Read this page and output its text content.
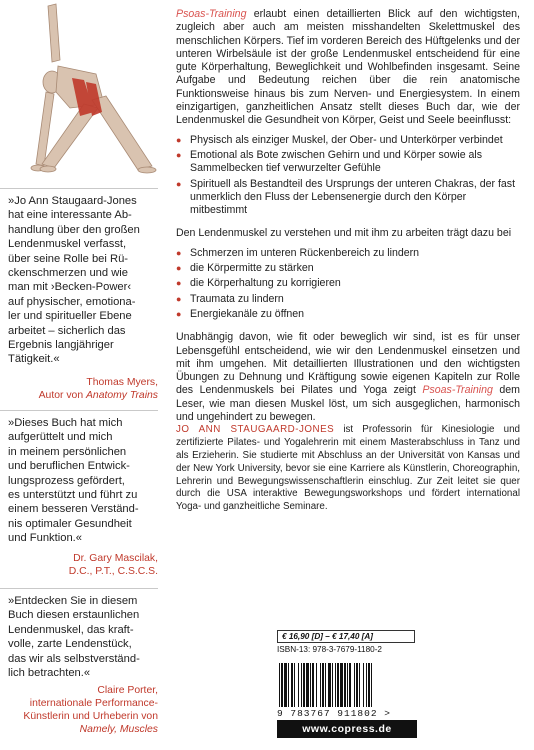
»Jo Ann Staugaard-Jones
hat eine interessante Ab-
handlung über den großen
Lendenmuskel verfasst,
über seine Rolle bei Rü-
ckenschmerzen und wie
man mit ›Becken-Power‹
auf physischer, emotiona-
ler und spiritueller Ebene
arbeitet – sicherlich das
Ergebnis langjähriger
Tätigkeit.«
Thomas Myers,
Autor von Anatomy Trains
»Dieses Buch hat mich
aufgerüttelt und mich
in meinem persönlichen
und beruflichen Entwick-
lungsprozess gefördert,
es unterstützt und führt zu
einem besseren Verständ-
nis optimaler Gesundheit
und Funktion.«
Dr. Gary Mascilak,
D.C., P.T., C.S.C.S.
»Entdecken Sie in diesem
Buch diesen erstaunlichen
Lendenmuskel, das kraft-
volle, zarte Lendenstück,
das wir als selbstverständ-
lich betrachten.«
Claire Porter,
internationale Performance-
Künstlerin und Urheberin von
Namely, Muscles

Psoas-Training erlaubt einen detaillierten Blick auf den wichtigsten, zugleich aber auch am meisten misshandelten Skelettmuskel des menschlichen Körpers. Tief im vorderen Bereich des Hüftgelenks und der unteren Wirbelsäule ist der große Lendenmuskel entscheidend für eine gute Körperhaltung, Beweglichkeit und Wohlbefinden insgesamt. Seine Aufgabe und Bedeutung reichen über die rein anatomische Funktionsweise hinaus bis zum Nerven- und Energiesystem. In einem einzigartigen, ganzheitlichen Ansatz stellt dieses Buch dar, wie der Lendenmuskel die Gesundheit von Körper, Geist und Seele beeinflusst:

● Physisch als einziger Muskel, der Ober- und Unterkörper verbindet
● Emotional als Bote zwischen Gehirn und und Körper sowie als Sammelbecken tief verwurzelter Gefühle
● Spirituell als Bestandteil des Ursprungs der unteren Chakras, der fast unmerklich den Fluss der Lebensenergie durch den Körper mitbestimmt

Den Lendenmuskel zu verstehen und mit ihm zu arbeiten trägt dazu bei

● Schmerzen im unteren Rückenbereich zu lindern
● die Körpermitte zu stärken
● die Körperhaltung zu korrigieren
● Traumata zu lindern
● Energiekanäle zu öffnen

Unabhängig davon, wie fit oder beweglich wir sind, ist es für unser Lebensgefühl entscheidend, wie wir den Lendenmuskel einsetzen und mit ihm umgehen. Mit detaillierten Illustrationen und den wichtigsten Übungen zu Dehnung und Kräftigung sowie eigenen Kapiteln zur Rolle des Lendenmuskels bei Pilates und Yoga zeigt Psoas-Training dem Leser, wie man diesen Muskel löst, um sich ausgeglichen, harmonisch und ungehindert zu bewegen.

JO ANN STAUGAARD-JONES ist Professorin für Kinesiologie und zertifizierte Pilates- und Yogalehrerin mit einem Masterabschluss in Tanz und als Erzieherin. Sie studierte mit Abschluss an der Universität von Kansas und der New York University, bevor sie eine Karriere als Künstlerin, Choreographin, Lehrerin und Bewegungswissenschaftlerin einschlug. Zur Zeit leitet sie quer durch die USA interaktive Bewegungsworkshops und fördert international Yoga- und ganzheitliche Seminare.

€ 16,90 [D] – € 17,40 [A]
ISBN-13: 978-3-7679-1180-2
9 783767 911802 >
www.copress.de
